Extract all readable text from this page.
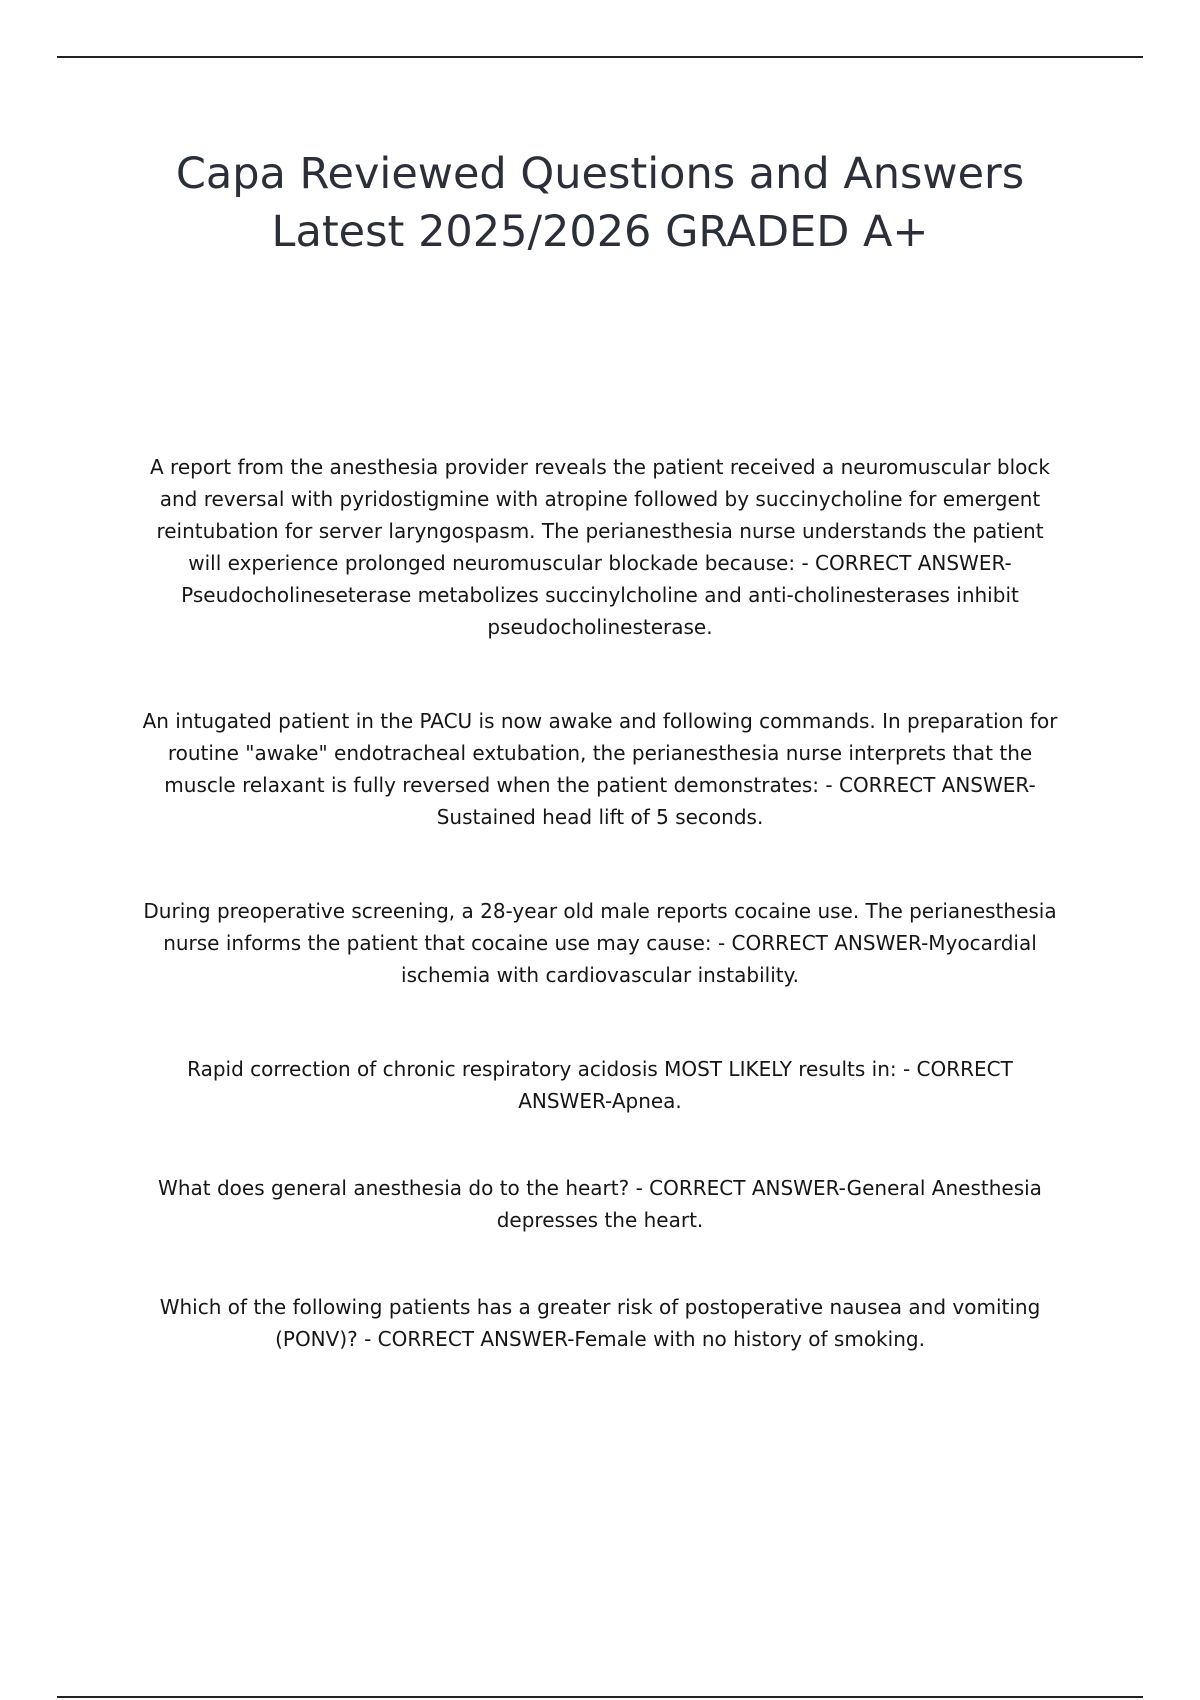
Capa Reviewed Questions and Answers
Latest 2025/2026 GRADED A+

A report from the anesthesia provider reveals the patient received a neuromuscular block and reversal with pyridostigmine with atropine followed by succinycholine for emergent reintubation for server laryngospasm. The perianesthesia nurse understands the patient will experience prolonged neuromuscular blockade because: - CORRECT ANSWER-Pseudocholineseterase metabolizes succinylcholine and anti-cholinesterases inhibit pseudocholinesterase.

An intugated patient in the PACU is now awake and following commands. In preparation for routine "awake" endotracheal extubation, the perianesthesia nurse interprets that the muscle relaxant is fully reversed when the patient demonstrates: - CORRECT ANSWER-Sustained head lift of 5 seconds.

During preoperative screening, a 28-year old male reports cocaine use. The perianesthesia nurse informs the patient that cocaine use may cause: - CORRECT ANSWER-Myocardial ischemia with cardiovascular instability.

Rapid correction of chronic respiratory acidosis MOST LIKELY results in: - CORRECT ANSWER-Apnea.

What does general anesthesia do to the heart? - CORRECT ANSWER-General Anesthesia depresses the heart.

Which of the following patients has a greater risk of postoperative nausea and vomiting (PONV)? - CORRECT ANSWER-Female with no history of smoking.
